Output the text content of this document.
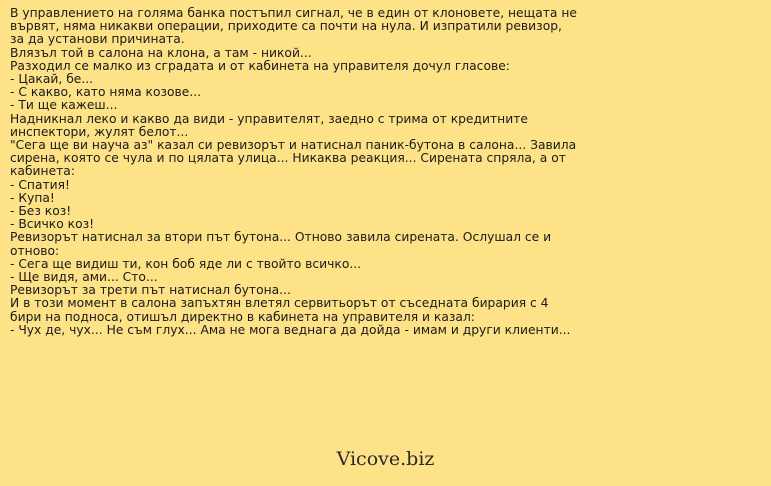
В управлението на голяма банка постъпил сигнал, че в един от клоновете, нещата не вървят, няма никакви операции, приходите са почти на нула. И изпратили ревизор, за да установи причината.

Влязъл той в салона на клона, а там - никой...

Разходил се малко из сградата и от кабинета на управителя дочул гласове:

- Цакай, бе...

- С какво, като няма козове...

- Ти ще кажеш...

Надникнал леко и какво да види - управителят, заедно с трима от кредитните инспектори, жулят белот...

"Сега ще ви науча аз" казал си ревизорът и натиснал паник-бутона в салона... Завила сирена, която се чула и по цялата улица... Никаква реакция... Сирената спряла, а от кабинета:

- Спатия!

- Купа!

- Без коз!

- Всичко коз!

Ревизорът натиснал за втори път бутона... Отново завила сирената. Ослушал се и отново:

- Сега ще видиш ти, кон боб яде ли с твойто всичко...

- Ще видя, ами... Сто...

Ревизорът за трети път натиснал бутона...

И в този момент в салона запъхтян влетял сервитьорът от съседната бирария с 4 бири на подноса, отишъл директно в кабинета на управителя и казал:

- Чух де, чух... Не съм глух... Ама не мога веднага да дойда - имам и други клиенти...

Vicove.biz
